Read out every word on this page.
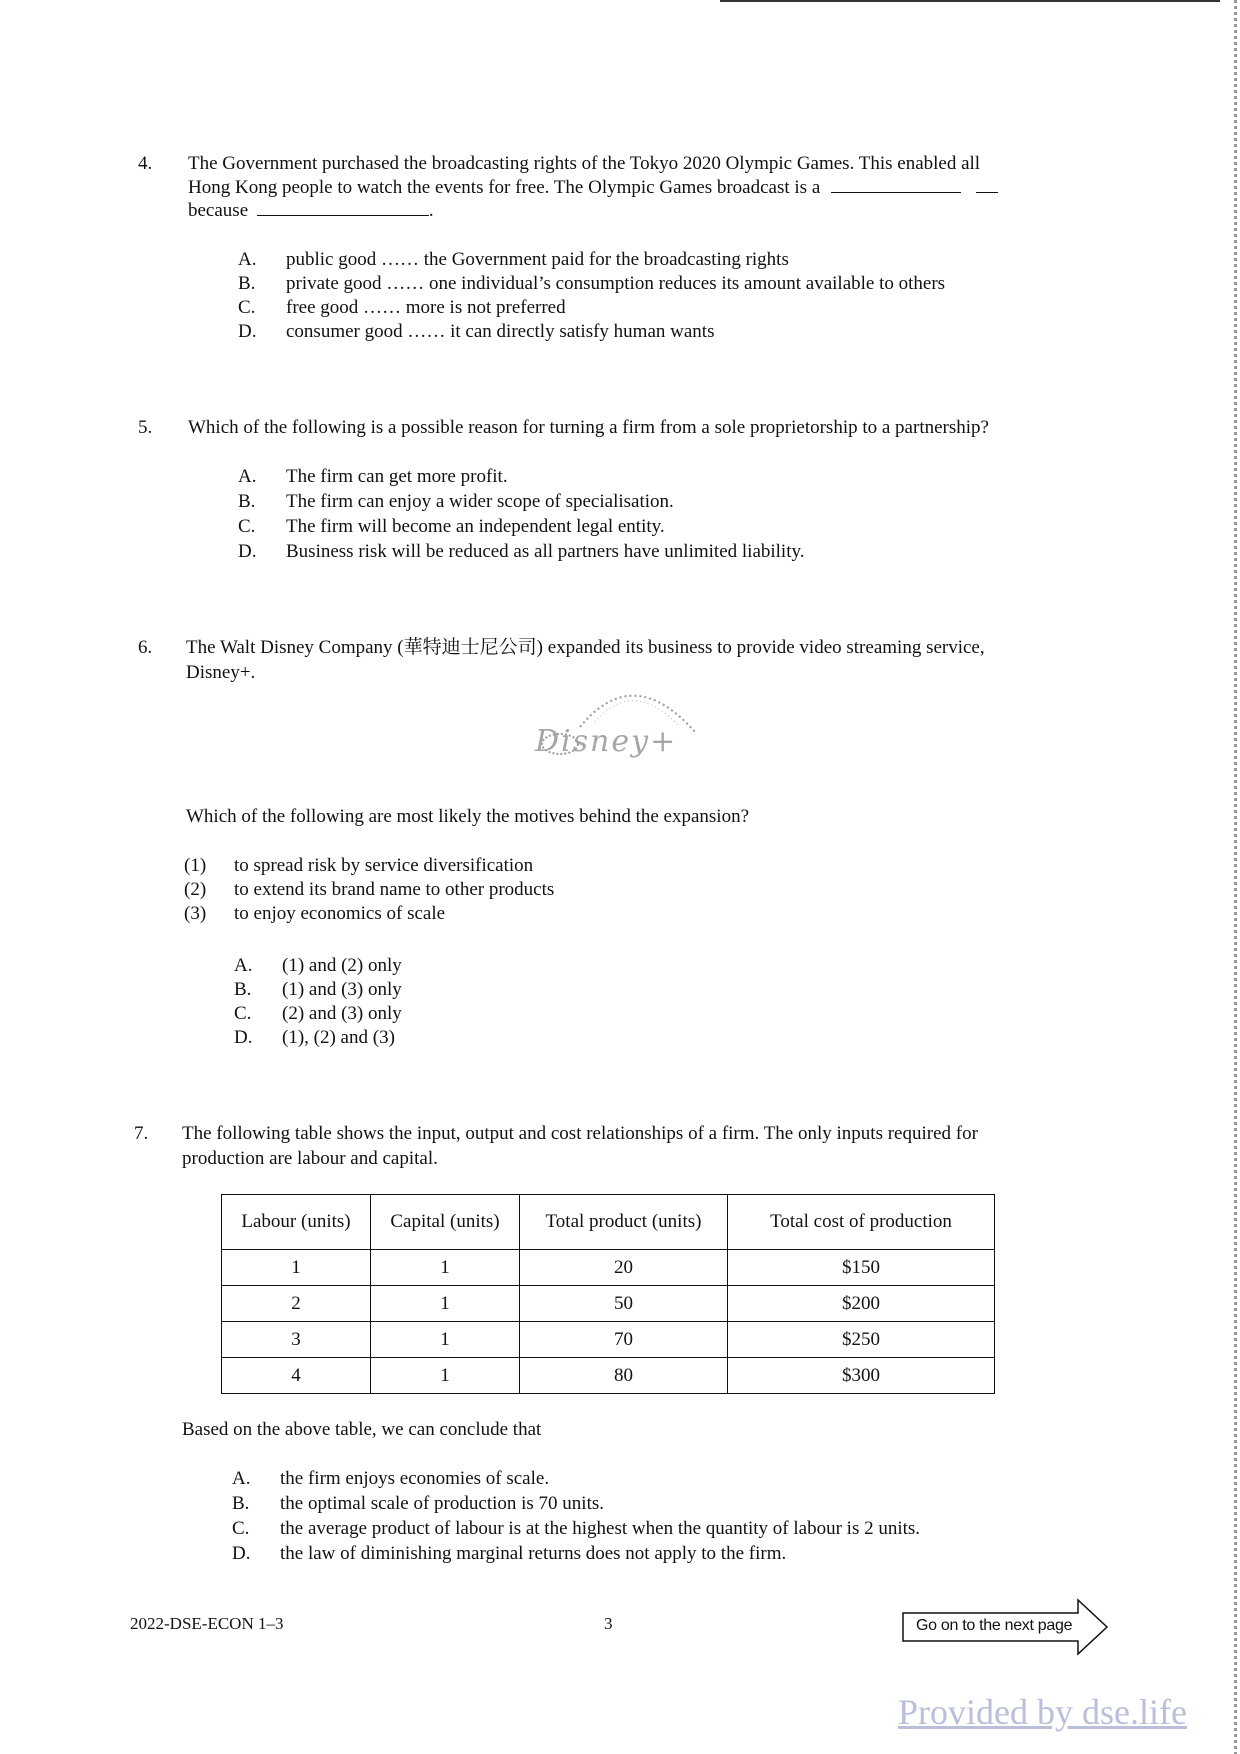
4. The Government purchased the broadcasting rights of the Tokyo 2020 Olympic Games. This enabled all
Hong Kong people to watch the events for free. The Olympic Games broadcast is a
because	.
A. public good …… the Government paid for the broadcasting rights
B. private good …… one individual’s consumption reduces its amount available to others
C. free good …… more is not preferred
D. consumer good …… it can directly satisfy human wants
5. Which of the following is a possible reason for turning a firm from a sole proprietorship to a partnership?
A. The firm can get more profit.
B. The firm can enjoy a wider scope of specialisation.
C. The firm will become an independent legal entity.
D. Business risk will be reduced as all partners have unlimited liability.
6. The Walt Disney Company (華特迪士尼公司) expanded its business to provide video streaming service,
Disney+.
Disney+
Which of the following are most likely the motives behind the expansion?
(1) to spread risk by service diversification
(2) to extend its brand name to other products
(3) to enjoy economics of scale
A. (1) and (2) only
B. (1) and (3) only
C. (2) and (3) only
D. (1), (2) and (3)
7. The following table shows the input, output and cost relationships of a firm. The only inputs required for
production are labour and capital.
Labour (units)	Capital (units)	Total product (units)	Total cost of production
1	1	20	$150
2	1	50	$200
3	1	70	$250
4	1	80	$300
Based on the above table, we can conclude that
A. the firm enjoys economies of scale.
B. the optimal scale of production is 70 units.
C. the average product of labour is at the highest when the quantity of labour is 2 units.
D. the law of diminishing marginal returns does not apply to the firm.
2022-DSE-ECON 1–3	3	Go on to the next page
Provided by dse.life
